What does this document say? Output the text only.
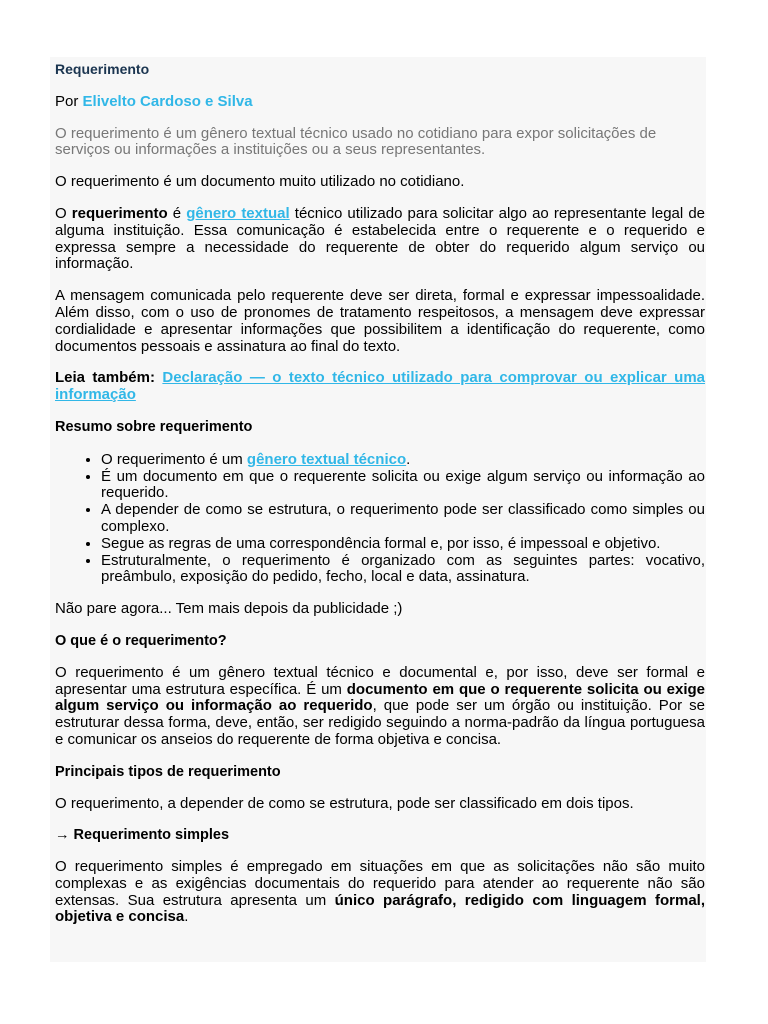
Requerimento

Por Elivelto Cardoso e Silva

O requerimento é um gênero textual técnico usado no cotidiano para expor solicitações de serviços ou informações a instituições ou a seus representantes.

O requerimento é um documento muito utilizado no cotidiano.

O requerimento é gênero textual técnico utilizado para solicitar algo ao representante legal de alguma instituição. Essa comunicação é estabelecida entre o requerente e o requerido e expressa sempre a necessidade do requerente de obter do requerido algum serviço ou informação.

A mensagem comunicada pelo requerente deve ser direta, formal e expressar impessoalidade. Além disso, com o uso de pronomes de tratamento respeitosos, a mensagem deve expressar cordialidade e apresentar informações que possibilitem a identificação do requerente, como documentos pessoais e assinatura ao final do texto.

Leia também: Declaração — o texto técnico utilizado para comprovar ou explicar uma informação

Resumo sobre requerimento

• O requerimento é um gênero textual técnico.
• É um documento em que o requerente solicita ou exige algum serviço ou informação ao requerido.
• A depender de como se estrutura, o requerimento pode ser classificado como simples ou complexo.
• Segue as regras de uma correspondência formal e, por isso, é impessoal e objetivo.
• Estruturalmente, o requerimento é organizado com as seguintes partes: vocativo, preâmbulo, exposição do pedido, fecho, local e data, assinatura.

Não pare agora... Tem mais depois da publicidade ;)

O que é o requerimento?

O requerimento é um gênero textual técnico e documental e, por isso, deve ser formal e apresentar uma estrutura específica. É um documento em que o requerente solicita ou exige algum serviço ou informação ao requerido, que pode ser um órgão ou instituição. Por se estruturar dessa forma, deve, então, ser redigido seguindo a norma-padrão da língua portuguesa e comunicar os anseios do requerente de forma objetiva e concisa.

Principais tipos de requerimento

O requerimento, a depender de como se estrutura, pode ser classificado em dois tipos.

→ Requerimento simples

O requerimento simples é empregado em situações em que as solicitações não são muito complexas e as exigências documentais do requerido para atender ao requerente não são extensas. Sua estrutura apresenta um único parágrafo, redigido com linguagem formal, objetiva e concisa.
